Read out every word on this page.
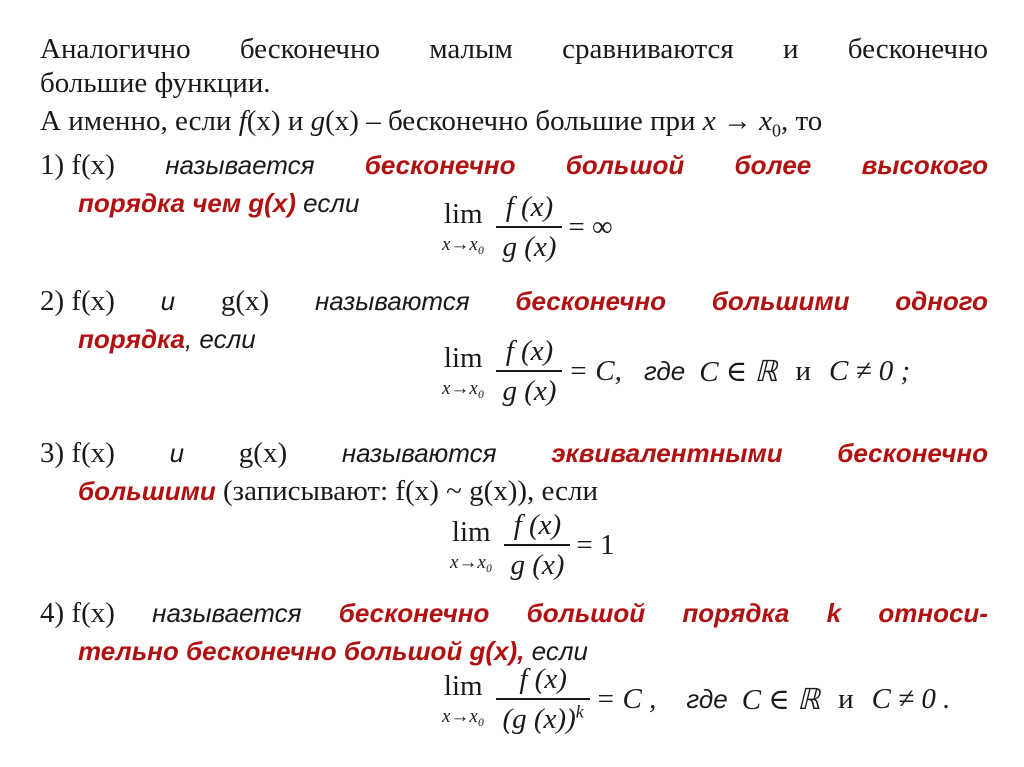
Аналогично бесконечно малым сравниваются и бесконечно
большие функции.
А именно, если f(x) и g(x) – бесконечно большие при $x \to x_0$, то
1) f(x) называется бесконечно большой более высокого
порядка чем g(x) если	lim
$x\to x_0 \frac{f (x)}{g (x)}$ = ∞
2) f(x) и g(x) называются бесконечно большими одного
порядка, если
lim
$x\to x_0 \frac{f (x)}{g (x)} = C$, где C ∈ ℝ и C ≠ 0 ;
3) f(x) и g(x) называются эквивалентными бесконечно
большими (записывают: f(x) ~ g(x)), если
lim
$x\to x_0 \frac{f (x)}{g (x)} = 1$
4) f(x) называется бесконечно большой порядка k относи-
тельно бесконечно большой g(x), если
lim
$x\to x_0 \frac{f (x)}{(g (x))^k} = C$ , где C ∈ ℝ и C ≠ 0 .
